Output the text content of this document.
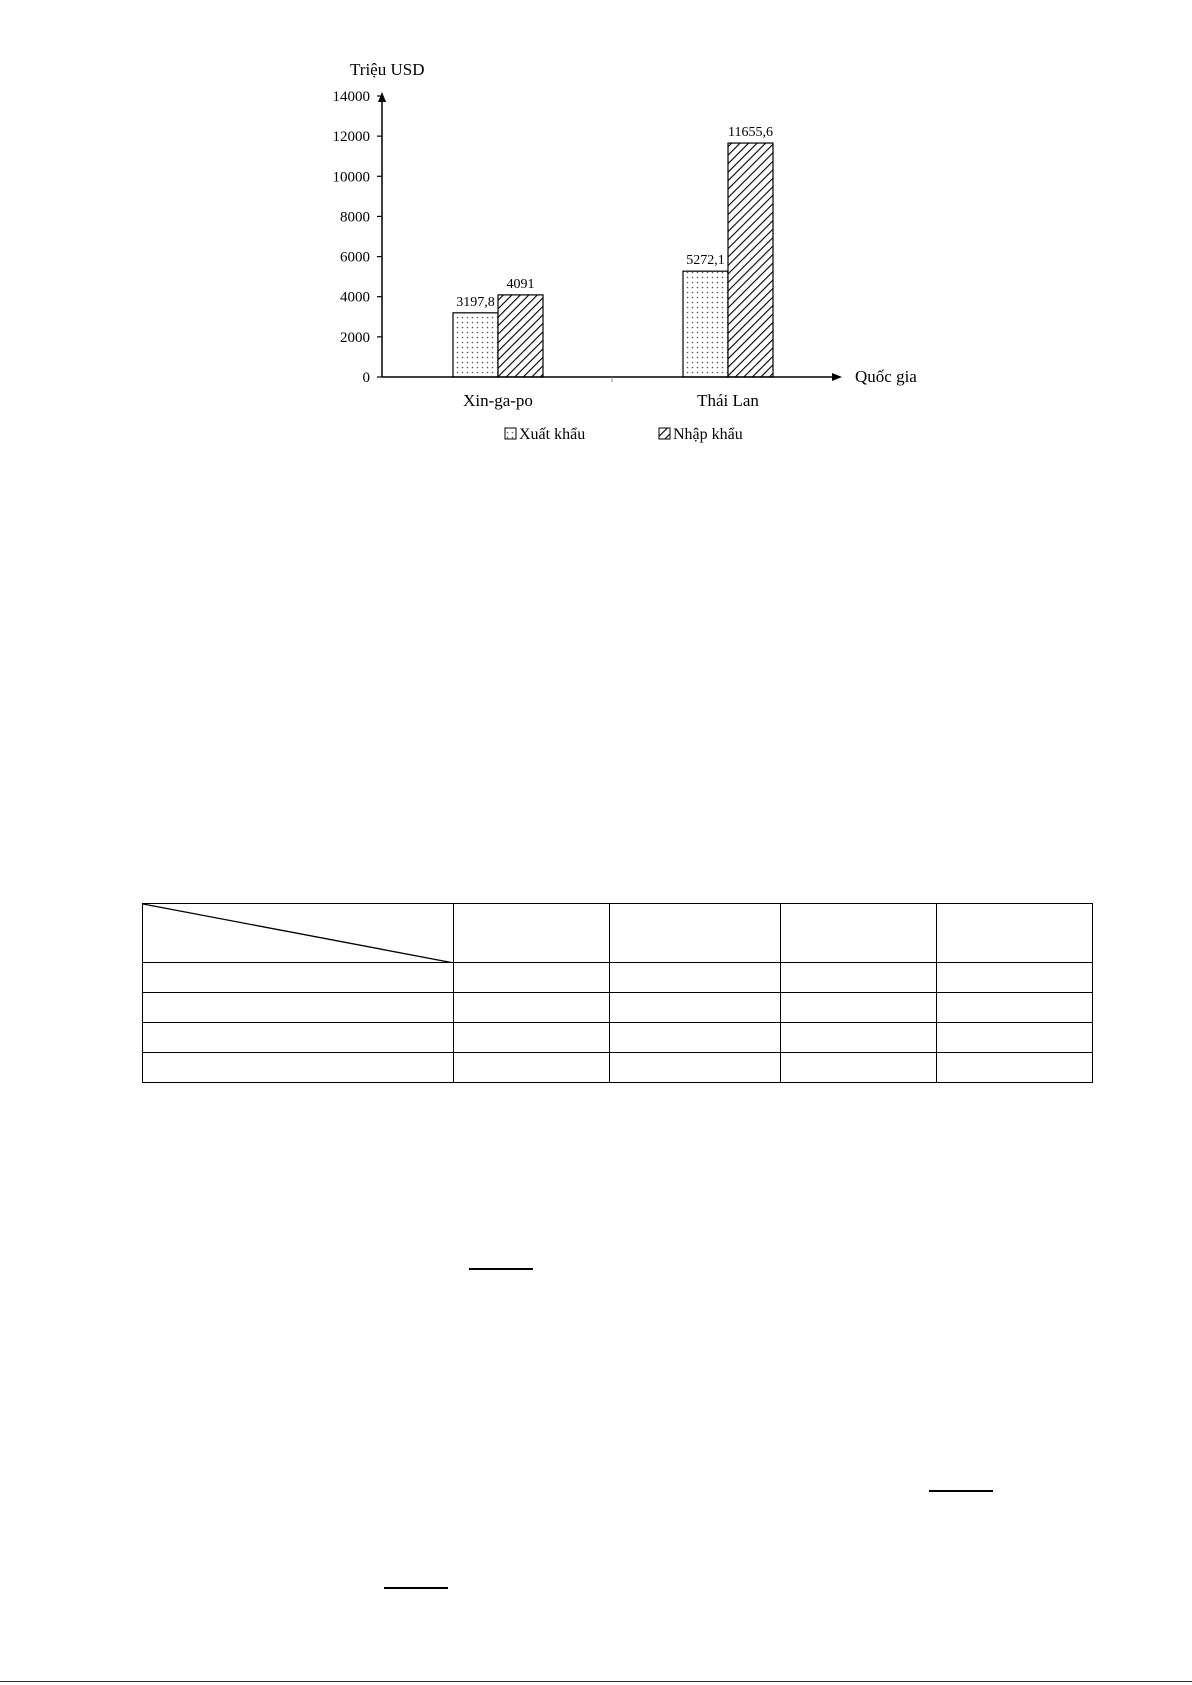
0
2000
4000
6000
8000
10000
12000
14000
3197,8
5272,1
4091
11655,6
Triệu USD
Quốc gia
Xin-ga-po	Thái Lan
Xuất khẩu	Nhập khẩu
